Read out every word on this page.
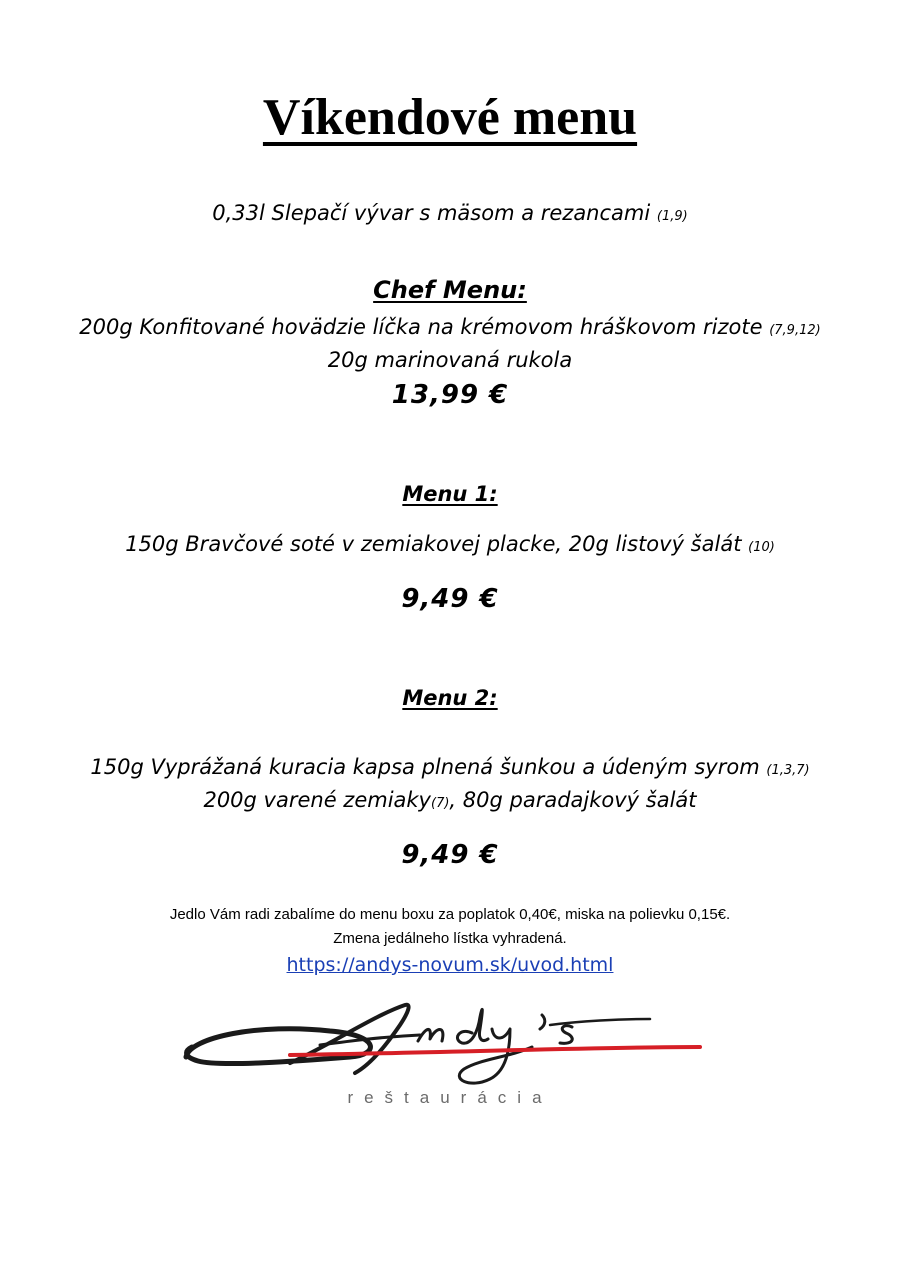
Víkendové menu
0,33l Slepačí vývar s mäsom a rezancami (1,9)
Chef Menu:
200g Konfitované hovädzie líčka na krémovom hráškovom rizote (7,9,12)
20g marinovaná rukola
13,99 €
Menu 1:
150g Bravčové soté v zemiakovej placke, 20g listový šalát (10)
9,49 €
Menu 2:
150g Vyprážaná kuracia kapsa plnená šunkou a údeným syrom (1,3,7)
200g varené zemiaky(7), 80g paradajkový šalát
9,49 €
Jedlo Vám radi zabalíme do menu boxu za poplatok 0,40€, miska na polievku 0,15€.
Zmena jedálneho lístka vyhradená.
https://andys-novum.sk/uvod.html
reštaurácia
